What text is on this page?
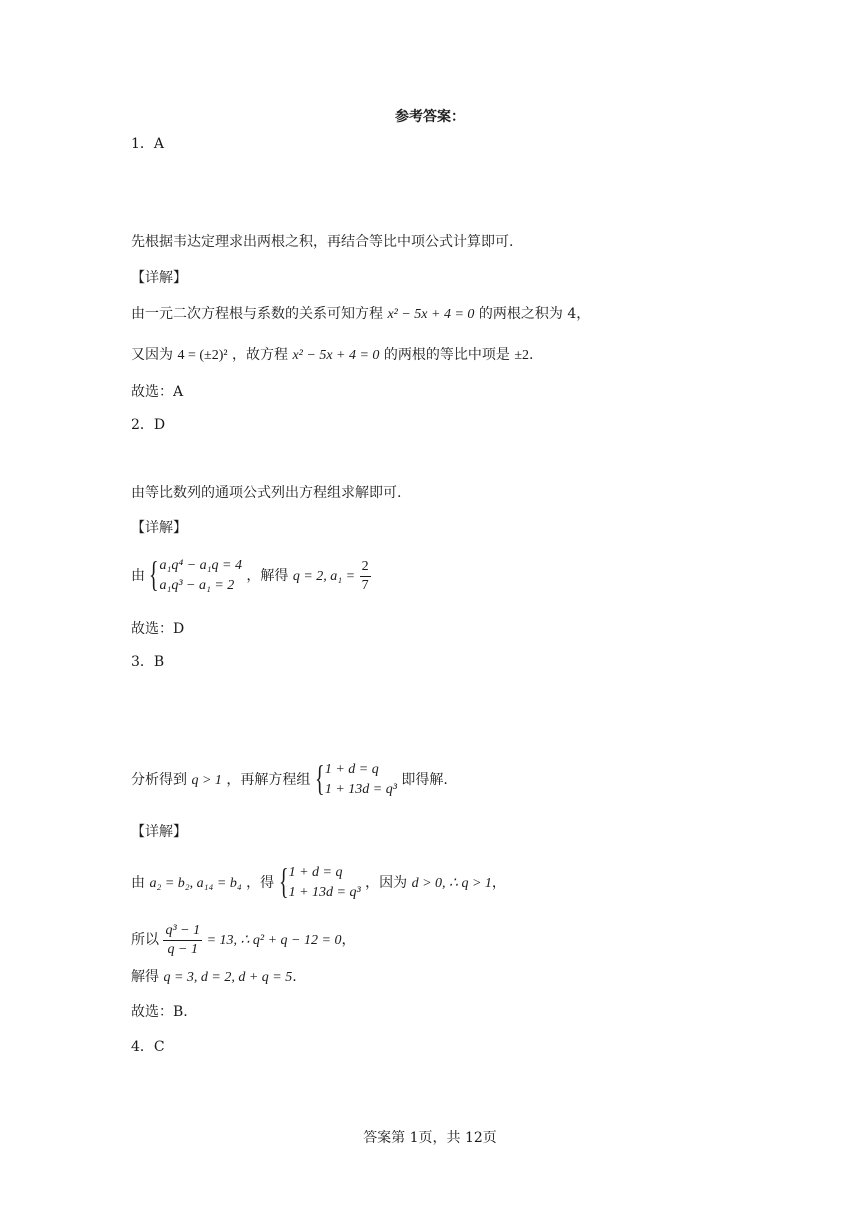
参考答案：
1．A
先根据韦达定理求出两根之积，再结合等比中项公式计算即可.
【详解】
由一元二次方程根与系数的关系可知方程 x² − 5x + 4 = 0 的两根之积为 4，
又因为 4 = (±2)² ，故方程 x² − 5x + 4 = 0 的两根的等比中项是 ±2.
故选：A
2．D
由等比数列的通项公式列出方程组求解即可.
【详解】
由 { a₁q⁴ − a₁q = 4
a₁q³ − a₁ = 2
，解得 q = 2, $a_1 = \frac{2}{7}$
故选：D
3．B
分析得到 q > 1 ，再解方程组 { 1 + d = q
1 + 13d = q³
即得解.
【详解】
由 a₂ = b₂, a₁₄ = b₄ ，得 { 1 + d = q
1 + 13d = q³
，因为 d > 0, ∴ q > 1，
所以 $\frac{\text{q³ − 1}}{q - 1} = 13$, ∴ q² + q − 12 = 0，
解得 q = 3, d = 2, d + q = 5.
故选：B.
4．C
答案第 1页，共 12页
